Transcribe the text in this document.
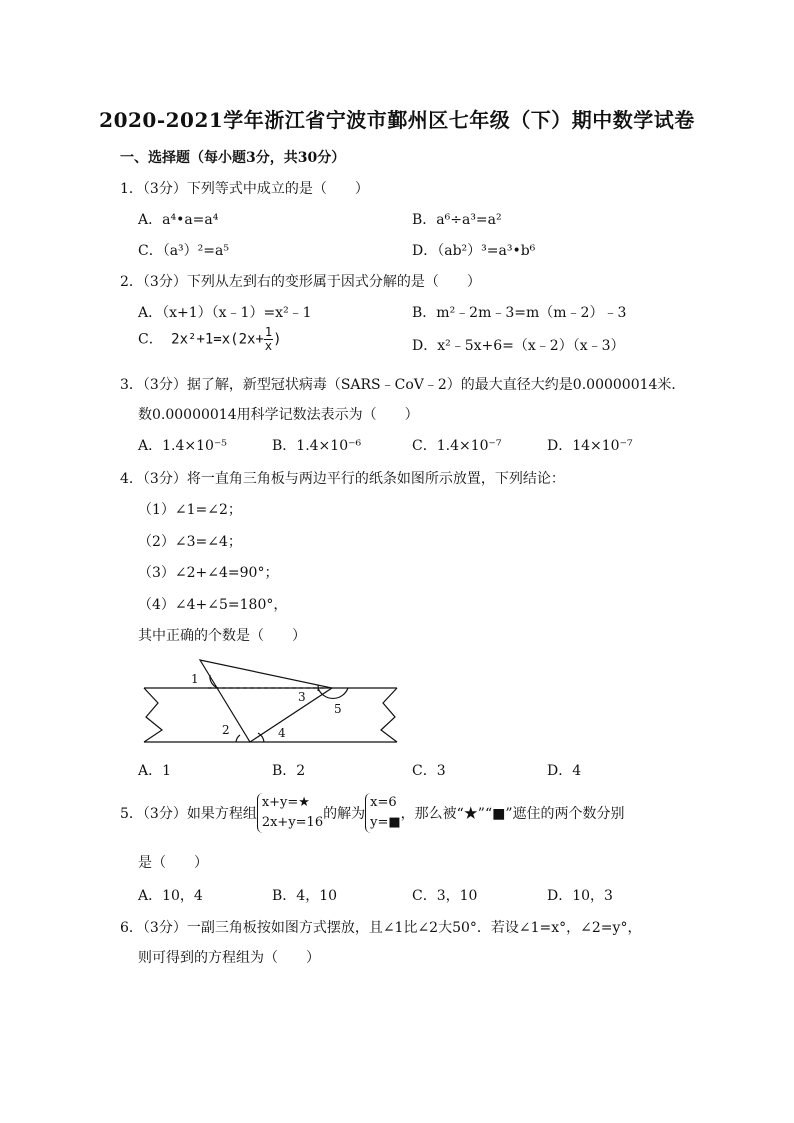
2020-2021学年浙江省宁波市鄞州区七年级（下）期中数学试卷
一、选择题（每小题3分，共30分）
1．（3分）下列等式中成立的是（　　）
A．a⁴•a=a⁴	B．a⁶÷a³=a²
C．（a³）²=a⁵	D．（ab²）³=a³•b⁶
2．（3分）下列从左到右的变形属于因式分解的是（　　）
A．（x+1）（x﹣1）=x²﹣1	B．m²﹣2m﹣3=m（m﹣2）﹣3
C． $2x^2+1=x(2x+ \frac{1}{x}$ )	D．x²﹣5x+6=（x﹣2）（x﹣3）
3．（3分）据了解，新型冠状病毒（SARS﹣CoV﹣2）的最大直径大约是0.00000014米．
数0.00000014用科学记数法表示为（　　）
A．1.4×10⁻⁵	B．1.4×10⁻⁶	C．1.4×10⁻⁷	D．14×10⁻⁷
4．（3分）将一直角三角板与两边平行的纸条如图所示放置，下列结论：
（1）∠1=∠2；
（2）∠3=∠4；
（3）∠2+∠4=90°；
（4）∠4+∠5=180°，
其中正确的个数是（　　）
1
2
3
4
5
A．1	B．2	C．3	D．4
5．（3分）如果方程组
x+y=★
2x+y=16
的解为
x=6
y=■
，那么被“★”“■”遮住的两个数分别
是（　　）
A．10，4	B．4，10	C．3，10	D．10，3
6．（3分）一副三角板按如图方式摆放，且∠1比∠2大50°．若设∠1=x°，∠2=y°，
则可得到的方程组为（　　）
